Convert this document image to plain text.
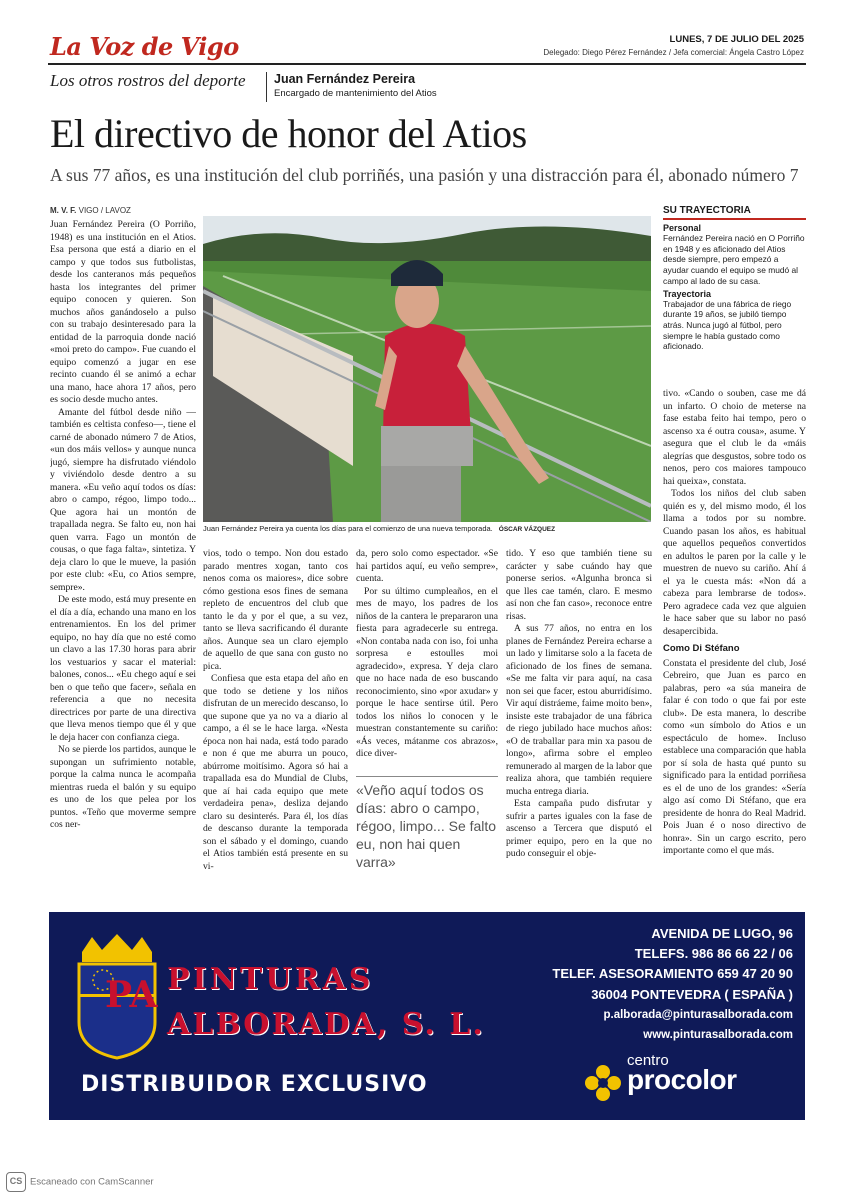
La Voz de Vigo	LUNES, 7 DE JULIO DEL 2025
Delegado: Diego Pérez Fernández / Jefa comercial: Ángela Castro López
Los otros rostros del deporte Juan Fernández Pereira
Encargado de mantenimiento del Atios
El directivo de honor del Atios
A sus 77 años, es una institución del club porriñés, una pasión y una distracción para él, abonado número 7
M. V. F. VIGO / LAVOZ

Juan Fernández Pereira (O Porriño, 1948) es una institución en el Atios. Esa persona que está a diario en el campo y que todos sus futbolistas, desde los canteranos más pequeños hasta los integrantes del primer equipo conocen y quieren. Son muchos años ganándoselo a pulso con su trabajo desinteresado para la entidad de la parroquia donde nació «moi preto do campo». Fue cuando el equipo comenzó a jugar en ese recinto cuando él se animó a echar una mano, hace ahora 17 años, pero es socio desde mucho antes.

Amante del fútbol desde niño —también es celtista confeso—, tiene el carné de abonado número 7 de Atios, «un dos máis vellos» y aunque nunca jugó, siempre ha disfrutado viéndolo y viviéndolo desde dentro a su manera. «Eu veño aquí todos os días: abro o campo, régoo, limpo todo... Que agora hai un montón de trapallada negra. Se falto eu, non hai quen varra. Fago un montón de cousas, o que faga falta», sintetiza. Y deja claro lo que le mueve, la pasión por este club: «Eu, co Atios sempre, sempre».

De este modo, está muy presente en el día a día, echando una mano en los entrenamientos. En los del primer equipo, no hay día que no esté como un clavo a las 17.30 horas para abrir los vestuarios y sacar el material: balones, conos... «Eu chego aquí e sei ben o que teño que facer», señala en referencia a que no necesita directrices por parte de una directiva que lleva menos tiempo que él y que le deja hacer con confianza ciega.

No se pierde los partidos, aunque le supongan un sufrimiento notable, porque la calma nunca le acompaña mientras rueda el balón y su equipo es uno de los que pelea por los puntos. «Teño que moverme sempre cos ner-

Juan Fernández Pereira ya cuenta los días para el comienzo de una nueva temporada. ÓSCAR VÁZQUEZ

vios, todo o tempo. Non dou estado parado mentres xogan, tanto cos nenos coma os maiores», dice sobre cómo gestiona esos fines de semana repleto de encuentros del club que tanto le da y por el que, a su vez, tanto se lleva sacrificando él durante años. Aunque sea un claro ejemplo de aquello de que sana con gusto no pica.

Confiesa que esta etapa del año en que todo se detiene y los niños disfrutan de un merecido descanso, lo que supone que ya no va a diario al campo, a él se le hace larga. «Nesta época non hai nada, está todo parado e non é que me aburra un pouco, abúrrome moitísimo. Agora só hai a trapallada esa do Mundial de Clubs, que aí hai cada equipo que mete verdadeira pena», desliza dejando claro su desinterés. Para él, los días de descanso durante la temporada son el sábado y el domingo, cuando el Atios también está presente en su vi-

da, pero solo como espectador. «Se hai partidos aquí, eu veño sempre», cuenta.

Por su último cumpleaños, en el mes de mayo, los padres de los niños de la cantera le prepararon una fiesta para agradecerle su entrega. «Non contaba nada con iso, foi unha sorpresa e estoulles moi agradecido», expresa. Y deja claro que no hace nada de eso buscando reconocimiento, sino «por axudar» y porque le hace sentirse útil. Pero todos los niños lo conocen y le muestran constantemente su cariño: «Ás veces, mátanme cos abrazos», dice diver-

«Veño aquí todos os días: abro o campo, régoo, limpo... Se falto eu, non hai quen varra»

tido. Y eso que también tiene su carácter y sabe cuándo hay que ponerse serios. «Algunha bronca si que lles cae tamén, claro. E mesmo así non che fan caso», reconoce entre risas.

A sus 77 años, no entra en los planes de Fernández Pereira echarse a un lado y limitarse solo a la faceta de aficionado de los fines de semana. «Se me falta vir para aquí, na casa non sei que facer, estou aburridísimo. Vir aquí distráeme, faime moito ben», insiste este trabajador de una fábrica de riego jubilado hace muchos años: «O de traballar para min xa pasou de longo», afirma sobre el empleo remunerado al margen de la labor que realiza ahora, que también requiere mucha entrega diaria.

Esta campaña pudo disfrutar y sufrir a partes iguales con la fase de ascenso a Tercera que disputó el primer equipo, pero en la que no pudo conseguir el obje-

SU TRAYECTORIA
Personal
Fernández Pereira nació en O Porriño en 1948 y es aficionado del Atios desde siempre, pero empezó a ayudar cuando el equipo se mudó al campo al lado de su casa.
Trayectoria
Trabajador de una fábrica de riego durante 19 años, se jubiló tiempo atrás. Nunca jugó al fútbol, pero siempre le había gustado como aficionado.

tivo. «Cando o souben, case me dá un infarto. O choio de meterse na fase estaba feito hai tempo, pero o ascenso xa é outra cousa», asume. Y asegura que el club le da «máis alegrías que desgustos, sobre todo os nenos, pero cos maiores tampouco hai queixa», constata.

Todos los niños del club saben quién es y, del mismo modo, él los llama a todos por su nombre. Cuando pasan los años, es habitual que aquellos pequeños convertidos en adultos le paren por la calle y le muestren de nuevo su cariño. Ahí á el ya le cuesta más: «Non dá a cabeza para lembrarse de todos». Pero agradece cada vez que alguien le hace saber que su labor no pasó desapercibida.

Como Di Stéfano

Constata el presidente del club, José Cebreiro, que Juan es parco en palabras, pero «a súa maneira de falar é con todo o que fai por este club». De esta manera, lo describe como «un símbolo do Atios e un espectáculo de home». Incluso establece una comparación que habla por sí sola de hasta qué punto su significado para la entidad porriñesa es el de uno de los grandes: «Sería algo así como Di Stéfano, que era presidente de honra do Real Madrid. Pois Juan é o noso directivo de honra». Sin un cargo escrito, pero importante como el que más.

PA PINTURAS
ALBORADA, S. L.
DISTRIBUIDOR EXCLUSIVO
AVENIDA DE LUGO, 96
TELEFS. 986 86 66 22 / 06
TELEF. ASESORAMIENTO 659 47 20 90
36004 PONTEVEDRA ( ESPAÑA )
p.alborada@pinturasalborada.com
www.pinturasalborada.com
centro
procolor
CS Escaneado con CamScanner
